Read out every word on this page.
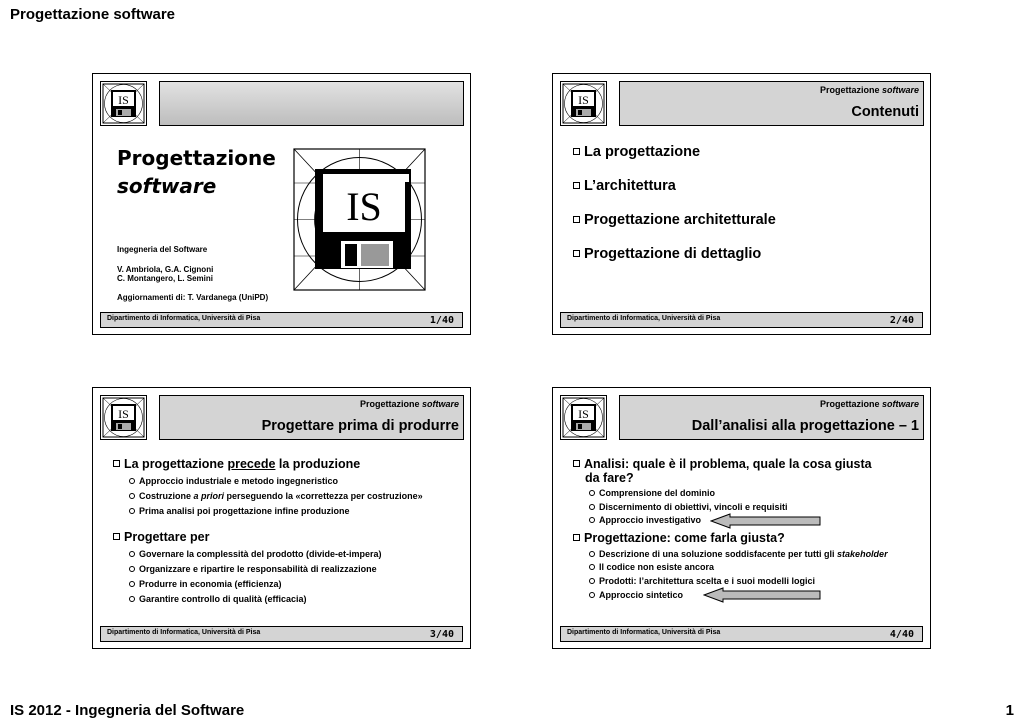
Progettazione software
IS
Progettazione
software
Ingegneria del Software
V. Ambriola, G.A. Cignoni
C. Montangero, L. Semini
Aggiornamenti di: T. Vardanega (UniPD)
IS
Dipartimento di Informatica, Università di Pisa	1/40
IS
Progettazione software
Contenuti
La progettazione
L’architettura
Progettazione architetturale
Progettazione di dettaglio
Dipartimento di Informatica, Università di Pisa	2/40
IS
Progettazione software
Progettare prima di produrre
La progettazione precede la produzione
Approccio industriale e metodo ingegneristico
Costruzione a priori perseguendo la «correttezza per costruzione»
Prima analisi poi progettazione infine produzione
Progettare per
Governare la complessità del prodotto (divide-et-impera)
Organizzare e ripartire le responsabilità di realizzazione
Produrre in economia (efficienza)
Garantire controllo di qualità (efficacia)
Dipartimento di Informatica, Università di Pisa	3/40
IS
Progettazione software
Dall’analisi alla progettazione – 1
Analisi: quale è il problema, quale la cosa giusta
da fare?
Comprensione del dominio
Discernimento di obiettivi, vincoli e requisiti
Approccio investigativo
Progettazione: come farla giusta?
Descrizione di una soluzione soddisfacente per tutti gli stakeholder
Il codice non esiste ancora
Prodotti: l’architettura scelta e i suoi modelli logici
Approccio sintetico
Dipartimento di Informatica, Università di Pisa	4/40
IS 2012 - Ingegneria del Software	1
